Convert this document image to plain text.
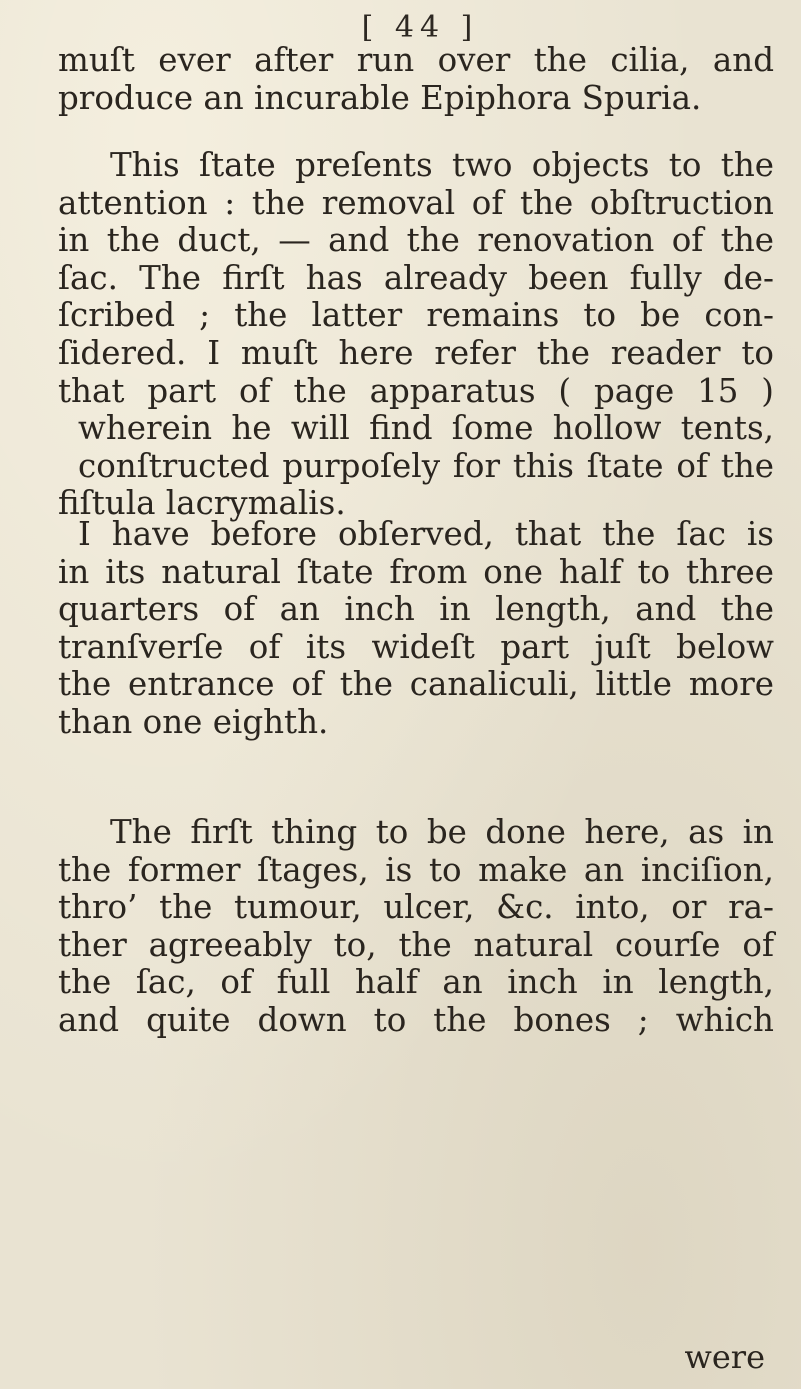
[ 44 ]
muſt ever after run over the cilia, and
produce an incurable Epiphora Spuria.
This ſtate preſents two objects to the
attention : the removal of the obſtruction
in the duct, — and the renovation of the
ſac. The firſt has already been fully de-
ſcribed ; the latter remains to be con-
ſidered. I muſt here refer the reader to
that part of the apparatus ( page 15 )
wherein he will find ſome hollow tents,
conſtructed purpoſely for this ſtate of the
fiſtula lacrymalis.
I have before obſerved, that the ſac is
in its natural ſtate from one half to three
quarters of an inch in length, and the
tranſverſe of its wideſt part juſt below
the entrance of the canaliculi, little more
than one eighth.
The firſt thing to be done here, as in
the former ſtages, is to make an inciſion,
thro’ the tumour, ulcer, &c. into, or ra-
ther agreeably to, the natural courſe of
the ſac, of full half an inch in length,
and quite down to the bones ; which
were
